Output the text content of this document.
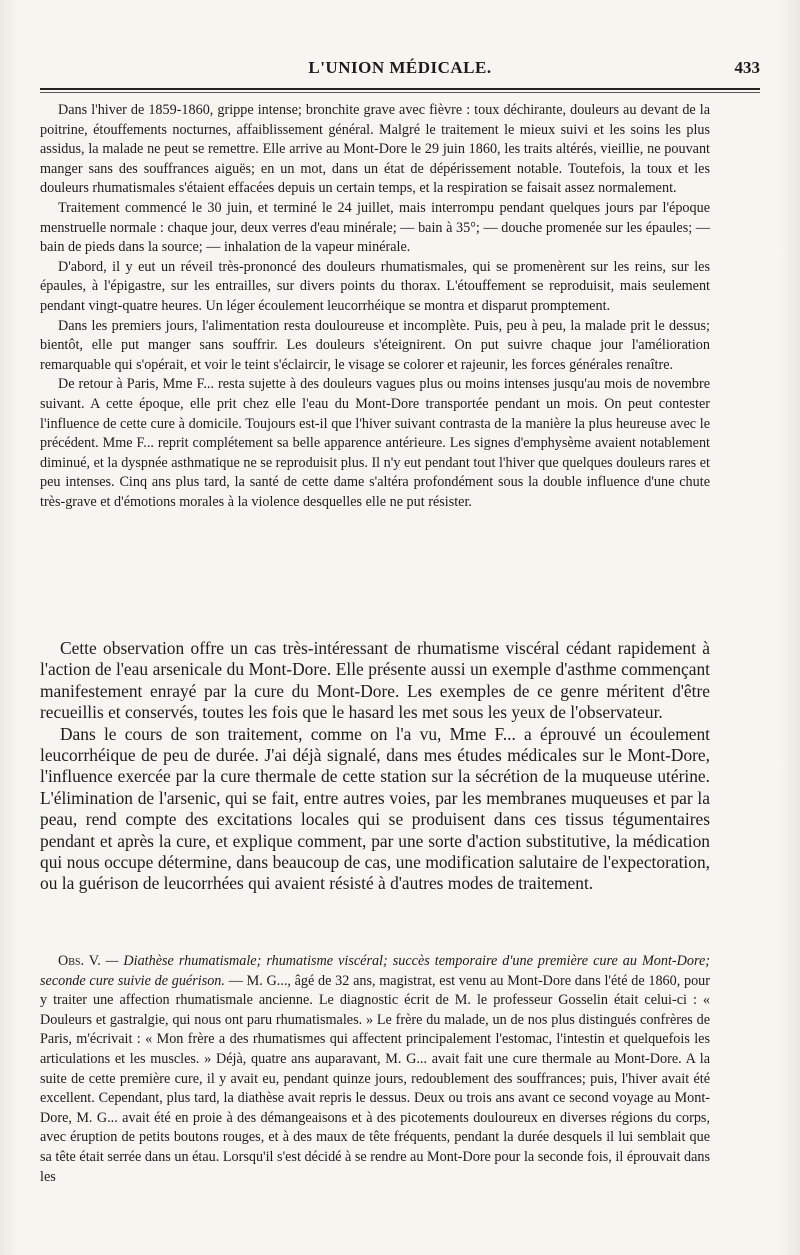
L'UNION MÉDICALE.	433

Dans l'hiver de 1859-1860, grippe intense; bronchite grave avec fièvre : toux déchirante, douleurs au devant de la poitrine, étouffements nocturnes, affaiblissement général. Malgré le traitement le mieux suivi et les soins les plus assidus, la malade ne peut se remettre. Elle arrive au Mont-Dore le 29 juin 1860, les traits altérés, vieillie, ne pouvant manger sans des souffrances aiguës; en un mot, dans un état de dépérissement notable. Toutefois, la toux et les douleurs rhumatismales s'étaient effacées depuis un certain temps, et la respiration se faisait assez normalement.

Traitement commencé le 30 juin, et terminé le 24 juillet, mais interrompu pendant quelques jours par l'époque menstruelle normale : chaque jour, deux verres d'eau minérale; — bain à 35°; — douche promenée sur les épaules; — bain de pieds dans la source; — inhalation de la vapeur minérale.

D'abord, il y eut un réveil très-prononcé des douleurs rhumatismales, qui se promenèrent sur les reins, sur les épaules, à l'épigastre, sur les entrailles, sur divers points du thorax. L'étouffement se reproduisit, mais seulement pendant vingt-quatre heures. Un léger écoulement leucorrhéique se montra et disparut promptement.

Dans les premiers jours, l'alimentation resta douloureuse et incomplète. Puis, peu à peu, la malade prit le dessus; bientôt, elle put manger sans souffrir. Les douleurs s'éteignirent. On put suivre chaque jour l'amélioration remarquable qui s'opérait, et voir le teint s'éclaircir, le visage se colorer et rajeunir, les forces générales renaître.

De retour à Paris, Mme F... resta sujette à des douleurs vagues plus ou moins intenses jusqu'au mois de novembre suivant. A cette époque, elle prit chez elle l'eau du Mont-Dore transportée pendant un mois. On peut contester l'influence de cette cure à domicile. Toujours est-il que l'hiver suivant contrasta de la manière la plus heureuse avec le précédent. Mme F... reprit complétement sa belle apparence antérieure. Les signes d'emphysème avaient notablement diminué, et la dyspnée asthmatique ne se reproduisit plus. Il n'y eut pendant tout l'hiver que quelques douleurs rares et peu intenses. Cinq ans plus tard, la santé de cette dame s'altéra profondément sous la double influence d'une chute très-grave et d'émotions morales à la violence desquelles elle ne put résister.

Cette observation offre un cas très-intéressant de rhumatisme viscéral cédant rapidement à l'action de l'eau arsenicale du Mont-Dore. Elle présente aussi un exemple d'asthme commençant manifestement enrayé par la cure du Mont-Dore. Les exemples de ce genre méritent d'être recueillis et conservés, toutes les fois que le hasard les met sous les yeux de l'observateur.

Dans le cours de son traitement, comme on l'a vu, Mme F... a éprouvé un écoulement leucorrhéique de peu de durée. J'ai déjà signalé, dans mes études médicales sur le Mont-Dore, l'influence exercée par la cure thermale de cette station sur la sécrétion de la muqueuse utérine. L'élimination de l'arsenic, qui se fait, entre autres voies, par les membranes muqueuses et par la peau, rend compte des excitations locales qui se produisent dans ces tissus tégumentaires pendant et après la cure, et explique comment, par une sorte d'action substitutive, la médication qui nous occupe détermine, dans beaucoup de cas, une modification salutaire de l'expectoration, ou la guérison de leucorrhées qui avaient résisté à d'autres modes de traitement.

Obs. V. — Diathèse rhumatismale; rhumatisme viscéral; succès temporaire d'une première cure au Mont-Dore; seconde cure suivie de guérison. — M. G..., âgé de 32 ans, magistrat, est venu au Mont-Dore dans l'été de 1860, pour y traiter une affection rhumatismale ancienne. Le diagnostic écrit de M. le professeur Gosselin était celui-ci : « Douleurs et gastralgie, qui nous ont paru rhumatismales. » Le frère du malade, un de nos plus distingués confrères de Paris, m'écrivait : « Mon frère a des rhumatismes qui affectent principalement l'estomac, l'intestin et quelquefois les articulations et les muscles. » Déjà, quatre ans auparavant, M. G... avait fait une cure thermale au Mont-Dore. A la suite de cette première cure, il y avait eu, pendant quinze jours, redoublement des souffrances; puis, l'hiver avait été excellent. Cependant, plus tard, la diathèse avait repris le dessus. Deux ou trois ans avant ce second voyage au Mont-Dore, M. G... avait été en proie à des démangeaisons et à des picotements douloureux en diverses régions du corps, avec éruption de petits boutons rouges, et à des maux de tête fréquents, pendant la durée desquels il lui semblait que sa tête était serrée dans un étau. Lorsqu'il s'est décidé à se rendre au Mont-Dore pour la seconde fois, il éprouvait dans les
